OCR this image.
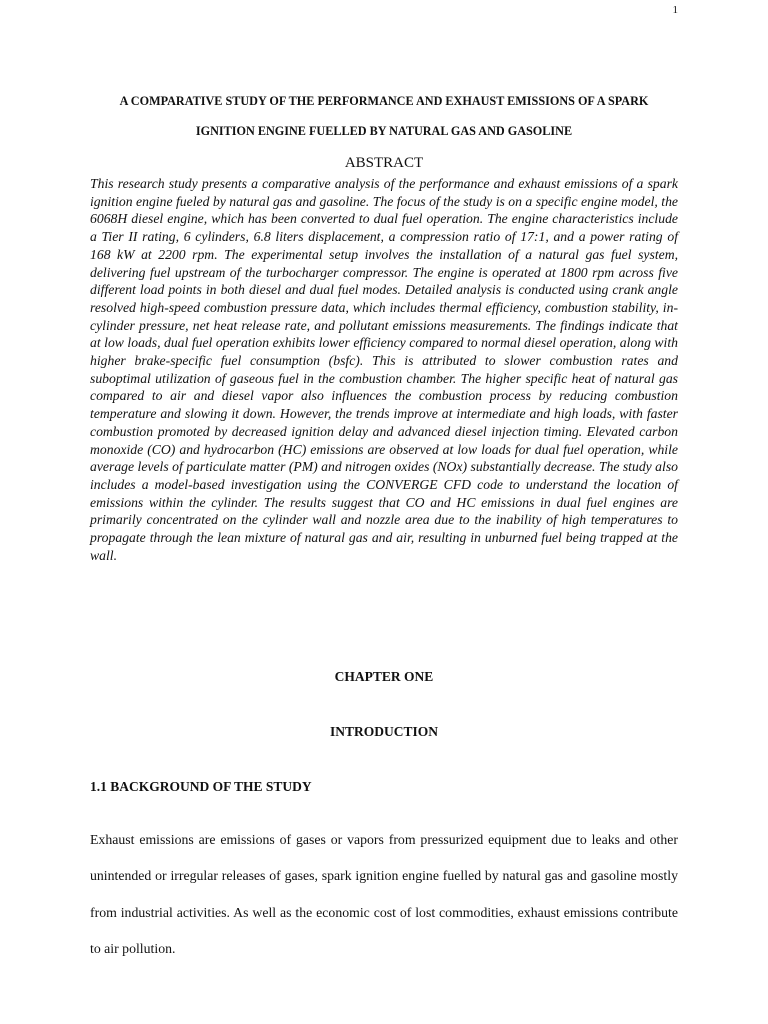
1
A COMPARATIVE STUDY OF THE PERFORMANCE AND EXHAUST EMISSIONS OF A SPARK
IGNITION ENGINE FUELLED BY NATURAL GAS AND GASOLINE
ABSTRACT

This research study presents a comparative analysis of the performance and exhaust emissions of a spark ignition engine fueled by natural gas and gasoline. The focus of the study is on a specific engine model, the 6068H diesel engine, which has been converted to dual fuel operation. The engine characteristics include a Tier II rating, 6 cylinders, 6.8 liters displacement, a compression ratio of 17:1, and a power rating of 168 kW at 2200 rpm. The experimental setup involves the installation of a natural gas fuel system, delivering fuel upstream of the turbocharger compressor. The engine is operated at 1800 rpm across five different load points in both diesel and dual fuel modes. Detailed analysis is conducted using crank angle resolved high-speed combustion pressure data, which includes thermal efficiency, combustion stability, in-cylinder pressure, net heat release rate, and pollutant emissions measurements. The findings indicate that at low loads, dual fuel operation exhibits lower efficiency compared to normal diesel operation, along with higher brake-specific fuel consumption (bsfc). This is attributed to slower combustion rates and suboptimal utilization of gaseous fuel in the combustion chamber. The higher specific heat of natural gas compared to air and diesel vapor also influences the combustion process by reducing combustion temperature and slowing it down. However, the trends improve at intermediate and high loads, with faster combustion promoted by decreased ignition delay and advanced diesel injection timing. Elevated carbon monoxide (CO) and hydrocarbon (HC) emissions are observed at low loads for dual fuel operation, while average levels of particulate matter (PM) and nitrogen oxides (NOx) substantially decrease. The study also includes a model-based investigation using the CONVERGE CFD code to understand the location of emissions within the cylinder. The results suggest that CO and HC emissions in dual fuel engines are primarily concentrated on the cylinder wall and nozzle area due to the inability of high temperatures to propagate through the lean mixture of natural gas and air, resulting in unburned fuel being trapped at the wall.

CHAPTER ONE
INTRODUCTION
1.1 BACKGROUND OF THE STUDY

Exhaust emissions are emissions of gases or vapors from pressurized equipment due to leaks and other unintended or irregular releases of gases, spark ignition engine fuelled by natural gas and gasoline mostly from industrial activities. As well as the economic cost of lost commodities, exhaust emissions contribute to air pollution.
